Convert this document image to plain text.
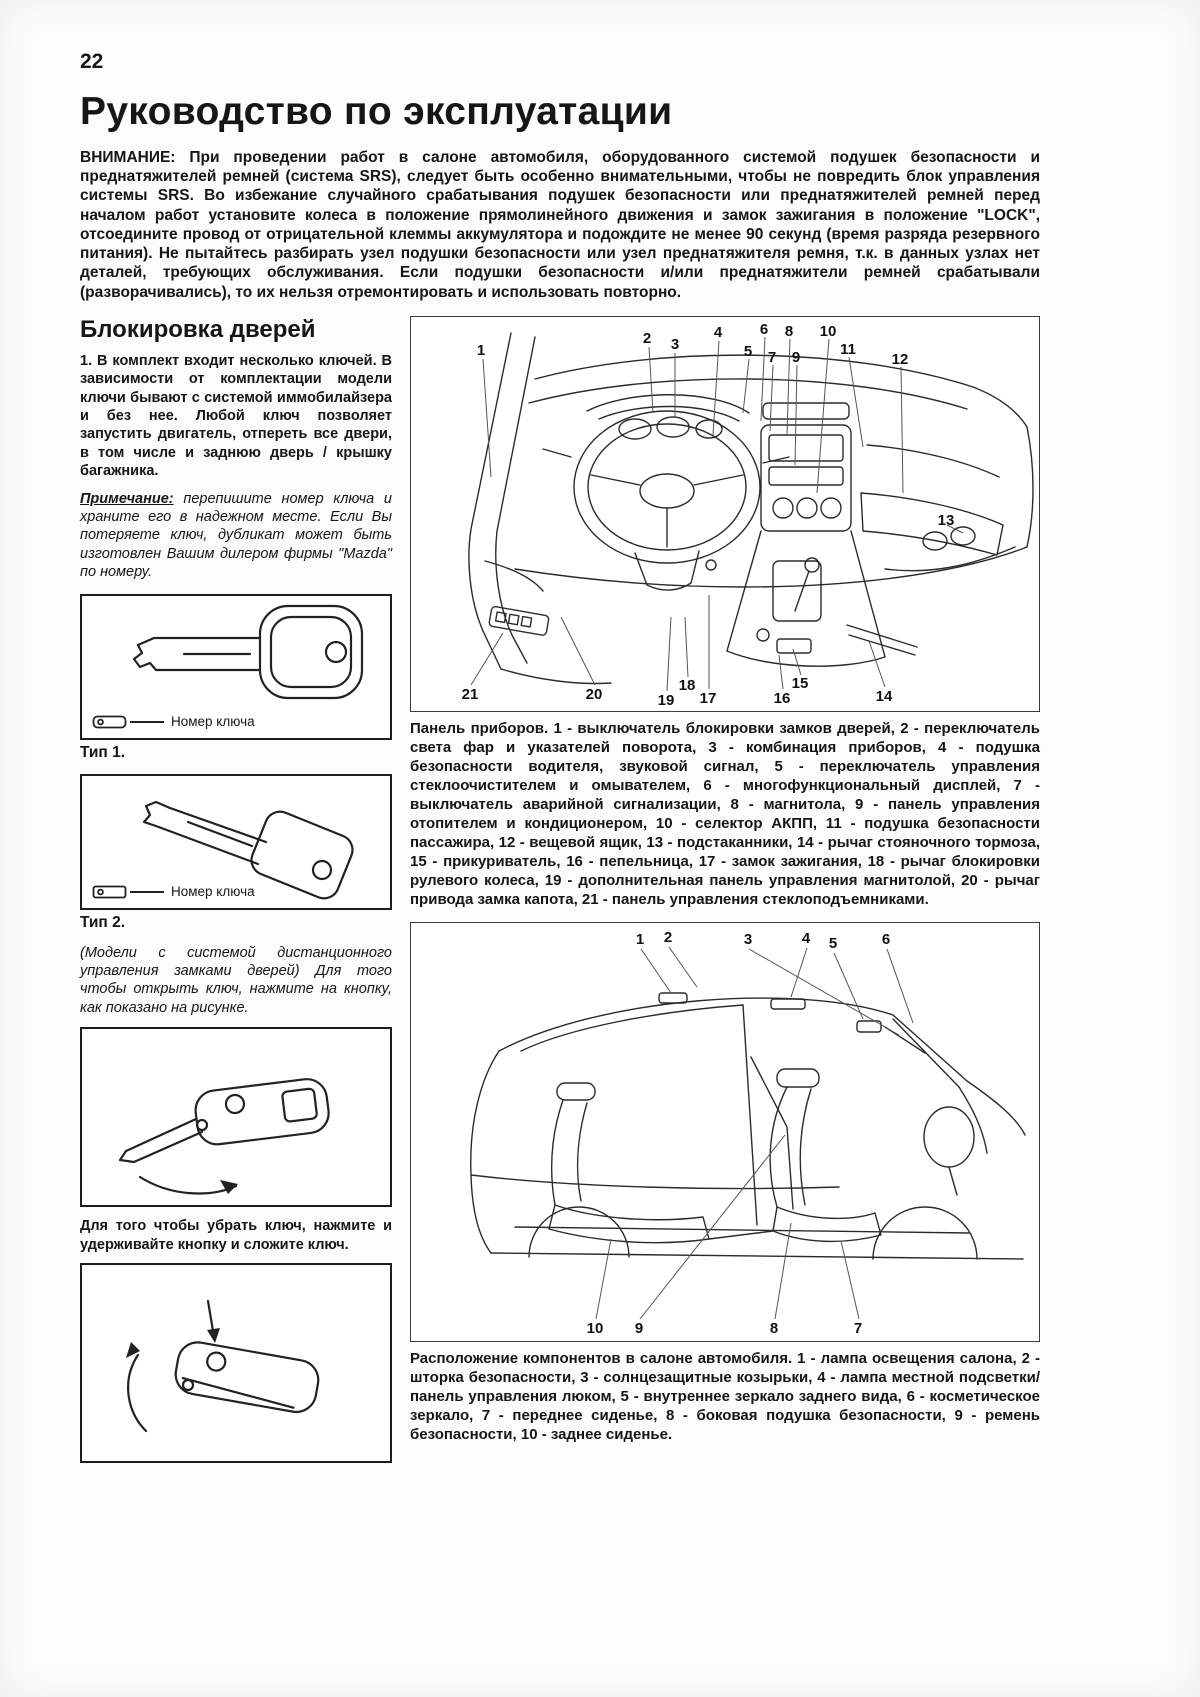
22
Руководство по эксплуатации

ВНИМАНИЕ: При проведении работ в салоне автомобиля, оборудованного системой подушек безопасности и преднатяжителей ремней (система SRS), следует быть особенно внимательными, чтобы не повредить блок управления системы SRS. Во избежание случайного срабатывания подушек безопасности или преднатяжителей ремней перед началом работ установите колеса в положение прямолинейного движения и замок зажигания в положение "LOCK", отсоедините провод от отрицательной клеммы аккумулятора и подождите не менее 90 секунд (время разряда резервного питания). Не пытайтесь разбирать узел подушки безопасности или узел преднатяжителя ремня, т.к. в данных узлах нет деталей, требующих обслуживания. Если подушки безопасности и/или преднатяжители ремней срабатывали (разворачивались), то их нельзя отремонтировать и использовать повторно.

Блокировка дверей

1. В комплект входит несколько ключей. В зависимости от комплектации модели ключи бывают с системой иммобилайзера и без нее. Любой ключ позволяет запустить двигатель, отпереть все двери, в том числе и заднюю дверь / крышку багажника.

Примечание: перепишите номер ключа и храните его в надежном месте. Если Вы потеряете ключ, дубликат может быть изготовлен Вашим дилером фирмы "Mazda" по номеру.

Номер ключа
Тип 1.
Номер ключа
Тип 2.

(Модели с системой дистанционного управления замками дверей) Для того чтобы открыть ключ, нажмите на кнопку, как показано на рисунке.

Для того чтобы убрать ключ, нажмите и удерживайте кнопку и сложите ключ.

1
2 3
4
5
6
7
8
9
10
11
12
13
14
15
16
17
18
19
20
21

Панель приборов. 1 - выключатель блокировки замков дверей, 2 - переключатель света фар и указателей поворота, 3 - комбинация приборов, 4 - подушка безопасности водителя, звуковой сигнал, 5 - переключатель управления стеклоочистителем и омывателем, 6 - многофункциональный дисплей, 7 - выключатель аварийной сигнализации, 8 - магнитола, 9 - панель управления отопителем и кондиционером, 10 - селектор АКПП, 11 - подушка безопасности пассажира, 12 - вещевой ящик, 13 - подстаканники, 14 - рычаг стояночного тормоза, 15 - прикуриватель, 16 - пепельница, 17 - замок зажигания, 18 - рычаг блокировки рулевого колеса, 19 - дополнительная панель управления магнитолой, 20 - рычаг привода замка капота, 21 - панель управления стеклоподъемниками.

1 2	3	4 5	6
7
8
9
10

Расположение компонентов в салоне автомобиля. 1 - лампа освещения салона, 2 - шторка безопасности, 3 - солнцезащитные козырьки, 4 - лампа местной подсветки/панель управления люком, 5 - внутреннее зеркало заднего вида, 6 - косметическое зеркало, 7 - переднее сиденье, 8 - боковая подушка безопасности, 9 - ремень безопасности, 10 - заднее сиденье.
